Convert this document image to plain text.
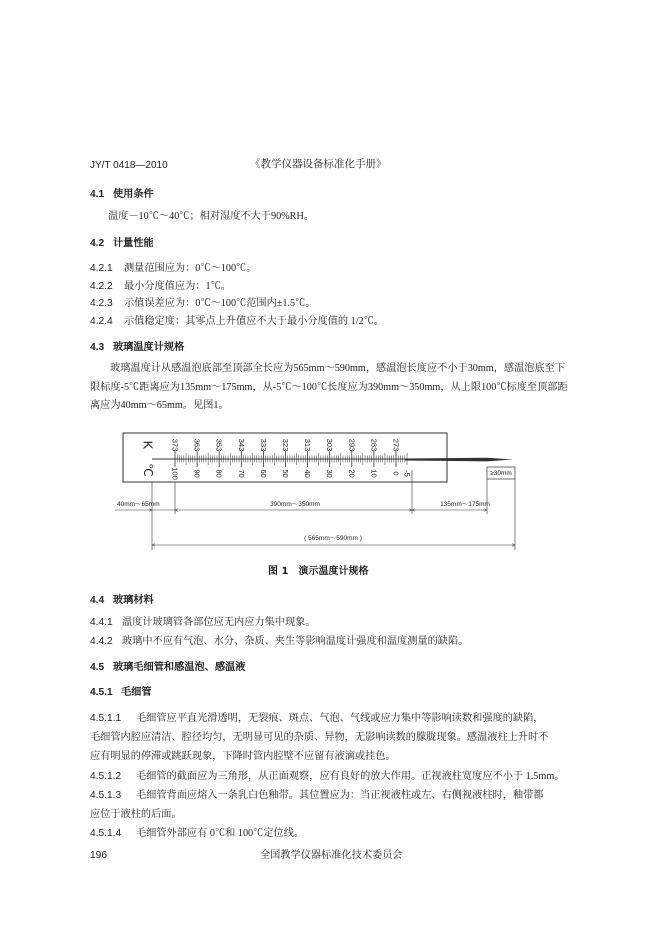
JY/T 0418—2010	《教学仪器设备标准化手册》
4.1 使用条件
温度－10℃～40℃；相对湿度不大于90%RH。
4.2 计量性能
4.2.1 测量范围应为：0℃～100℃。
4.2.2 最小分度值应为：1℃。
4.2.3 示值误差应为：0℃～100℃范围内±1.5℃。
4.2.4 示值稳定度：其零点上升值应不大于最小分度值的 1/2℃。
4.3 玻璃温度计规格
玻璃温度计从感温泡底部至顶部全长应为565mm～590mm，感温泡长度应不小于30mm，感温泡底至下
限标度-5℃距离应为135mm～175mm，从-5℃～100℃长度应为390mm～350mm，从上限100℃标度至顶部距
离应为40mm～65mm。见图1。
K
℃
373 363 353 343 333 323 313 303 293 283 273
100 90 80 70 60 50 40 30 20 10 0 -5	≥30mm
40mm～65mm	390mm～350mm	135mm～175mm
( 565mm～590mm )
图 1 演示温度计规格
4.4 玻璃材料
4.4.1 温度计玻璃管各部位应无内应力集中现象。
4.4.2 玻璃中不应有气泡、水分、杂质、夹生等影响温度计强度和温度测量的缺陷。
4.5 玻璃毛细管和感温泡、感温液
4.5.1 毛细管
4.5.1.1 毛细管应平直光滑透明，无裂痕、斑点、气泡、气线或应力集中等影响读数和强度的缺陷，
毛细管内腔应清洁、腔径均匀，无明显可见的杂质、异物，无影响读数的朦胧现象。感温液柱上升时不
应有明显的停滞或跳跃现象，下降时管内腔壁不应留有液滴或挂色。
4.5.1.2 毛细管的截面应为三角形，从正面观察，应有良好的放大作用。正视液柱宽度应不小于 1.5mm。
4.5.1.3 毛细管背面应熔入一条乳白色釉带。其位置应为：当正视液柱或左、右侧视液柱时，釉带都
应位于液柱的后面。
4.5.1.4 毛细管外部应有 0℃和 100℃定位线。
196	全国教学仪器标准化技术委员会
